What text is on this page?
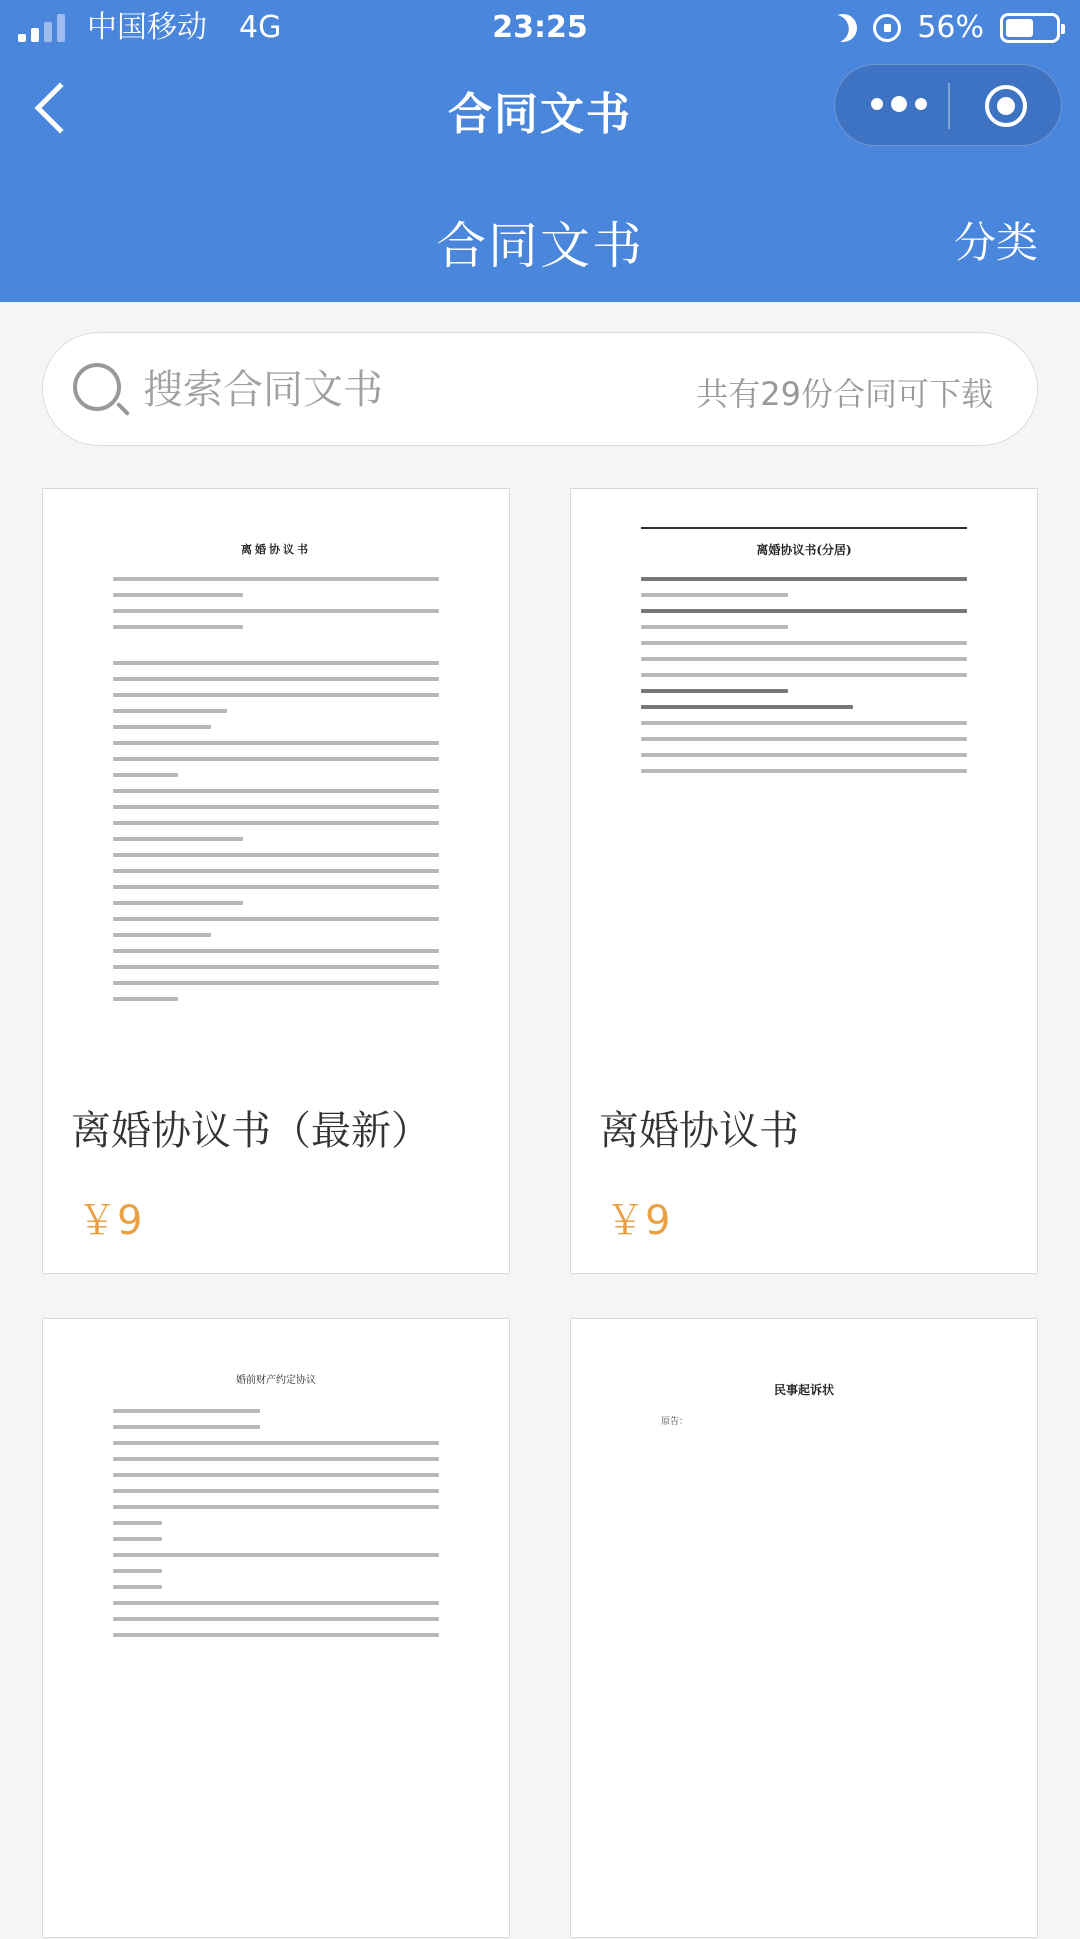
中国移动 4G	23:25	56%
合同文书
合同文书	分类
搜索合同文书
共有29份合同可下载
离婚协议书
离婚协议书（最新）
￥9
离婚协议书(分居)
离婚协议书
￥9
婚前财产约定协议
民事起诉状
原告：
